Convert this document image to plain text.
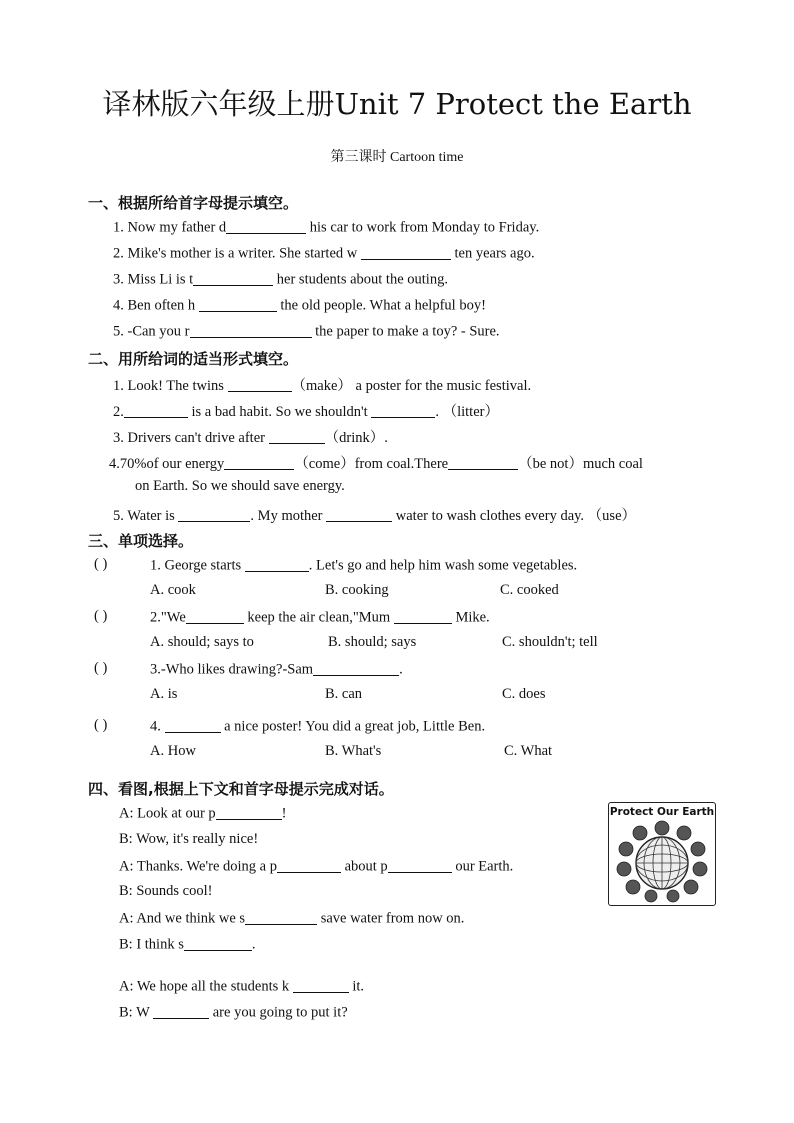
译林版六年级上册Unit 7 Protect the Earth
第三课时 Cartoon time
一、根据所给首字母提示填空。
1. Now my father d	his car to work from Monday to Friday.
2. Mike's mother is a writer. She started w	ten years ago.
3. Miss Li is t	her students about the outing.
4. Ben often h	the old people. What a helpful boy!
5. -Can you r	the paper to make a toy? - Sure.
二、用所给词的适当形式填空。
1. Look! The twins	（make） a poster for the music festival.
2.	is a bad habit. So we shouldn't	. （litter）
3. Drivers can't drive after	（drink）.
4.70%of our energy	（come）from coal.There	（be not）much coal
on Earth. So we should save energy.
5. Water is	. My mother	water to wash clothes every day. （use）
三、单项选择。
( )	1. George starts	. Let's go and help him wash some vegetables.
A. cook	B. cooking	C. cooked
( )	2."We	keep the air clean,"Mum	Mike.
A. should; says to	B. should; says	C. shouldn't; tell
( )	3.-Who likes drawing?-Sam	.
A. is	B. can	C. does
( )	4.	a nice poster! You did a great job, Little Ben.
A. How	B. What's	C. What
四、看图,根据上下文和首字母提示完成对话。
A: Look at our p	!
B: Wow, it's really nice!
A: Thanks. We're doing a p	about p	our Earth.
B: Sounds cool!
A: And we think we s	save water from now on.
B: I think s	.
A: We hope all the students k	it.
B: W	are you going to put it?
Protect Our Earth
